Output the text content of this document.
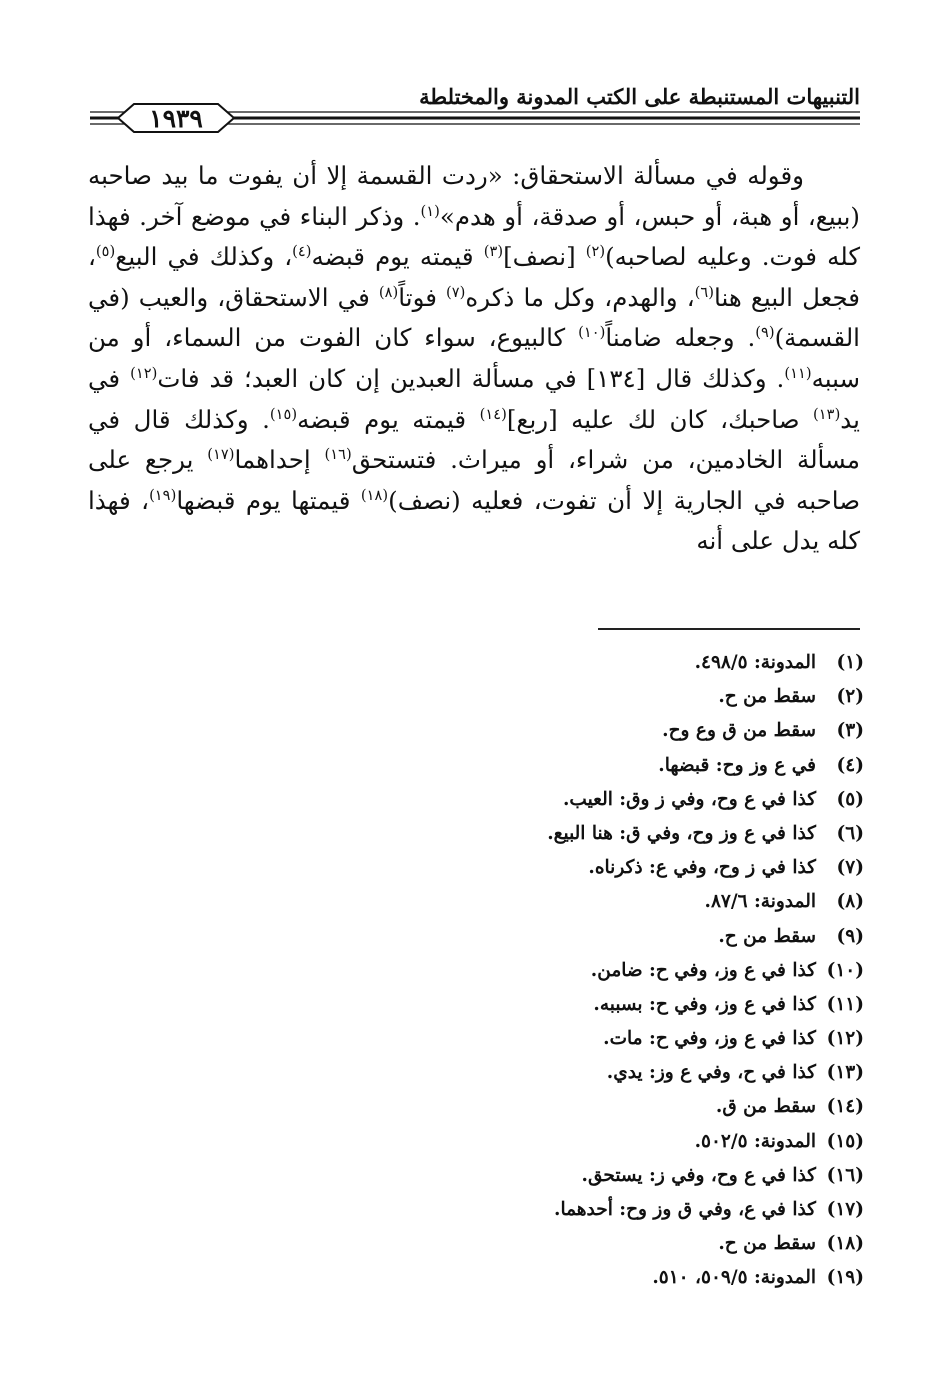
التنبيهات المستنبطة على الكتب المدونة والمختلطة
١٩٣٩

وقوله في مسألة الاستحقاق: «ردت القسمة إلا أن يفوت ما بيد صاحبه (ببيع، أو هبة، أو حبس، أو صدقة، أو هدم»$^{(١)}$. وذكر البناء في موضع آخر. فهذا كله فوت. وعليه لصاحبه)$^{(٢)}$ [نصف]$^{(٣)}$ قيمته يوم قبضه$^{(٤)}$، وكذلك في البيع$^{(٥)}$، فجعل البيع هنا$^{(٦)}$، والهدم، وكل ما ذكره$^{(٧)}$ فوتاً$^{(٨)}$ في الاستحقاق، والعيب (في القسمة)$^{(٩)}$. وجعله ضامناً$^{(١٠)}$ كالبيوع، سواء كان الفوت من السماء، أو من سببه$^{(١١)}$. وكذلك قال [١٣٤] في مسألة العبدين إن كان العبد؛ قد فات$^{(١٢)}$ في يد$^{(١٣)}$ صاحبك، كان لك عليه [ربع]$^{(١٤)}$ قيمته يوم قبضه$^{(١٥)}$. وكذلك قال في مسألة الخادمين، من شراء، أو ميراث. فتستحق$^{(١٦)}$ إحداهما$^{(١٧)}$ يرجع على صاحبه في الجارية إلا أن تفوت، فعليه (نصف)$^{(١٨)}$ قيمتها يوم قبضها$^{(١٩)}$، فهذا كله يدل على أنه

(١)
المدونة: ٤٩٨/٥.
(٢)
سقط من ح.
(٣)
سقط من ق وع وح.
(٤)
في ع وز وح: قبضها.
(٥)
كذا في ع وح، وفي ز وق: العيب.
(٦)
كذا في ع وز وح، وفي ق: هنا البيع.
(٧)
كذا في ز وح، وفي ع: ذكرناه.
(٨)
المدونة: ٨٧/٦.
(٩)
سقط من ح.
(١٠)
كذا في ع وز، وفي ح: ضامن.
(١١)
كذا في ع وز، وفي ح: بسببه.
(١٢)
كذا في ع وز، وفي ح: مات.
(١٣)
كذا في ح، وفي ع وز: يدي.
(١٤)
سقط من ق.
(١٥)
المدونة: ٥٠٢/٥.
(١٦)
كذا في ع وح، وفي ز: يستحق.
(١٧)
كذا في ع، وفي ق وز وح: أحدهما.
(١٨)
سقط من ح.
(١٩)
المدونة: ٥٠٩/٥، ٥١٠.
